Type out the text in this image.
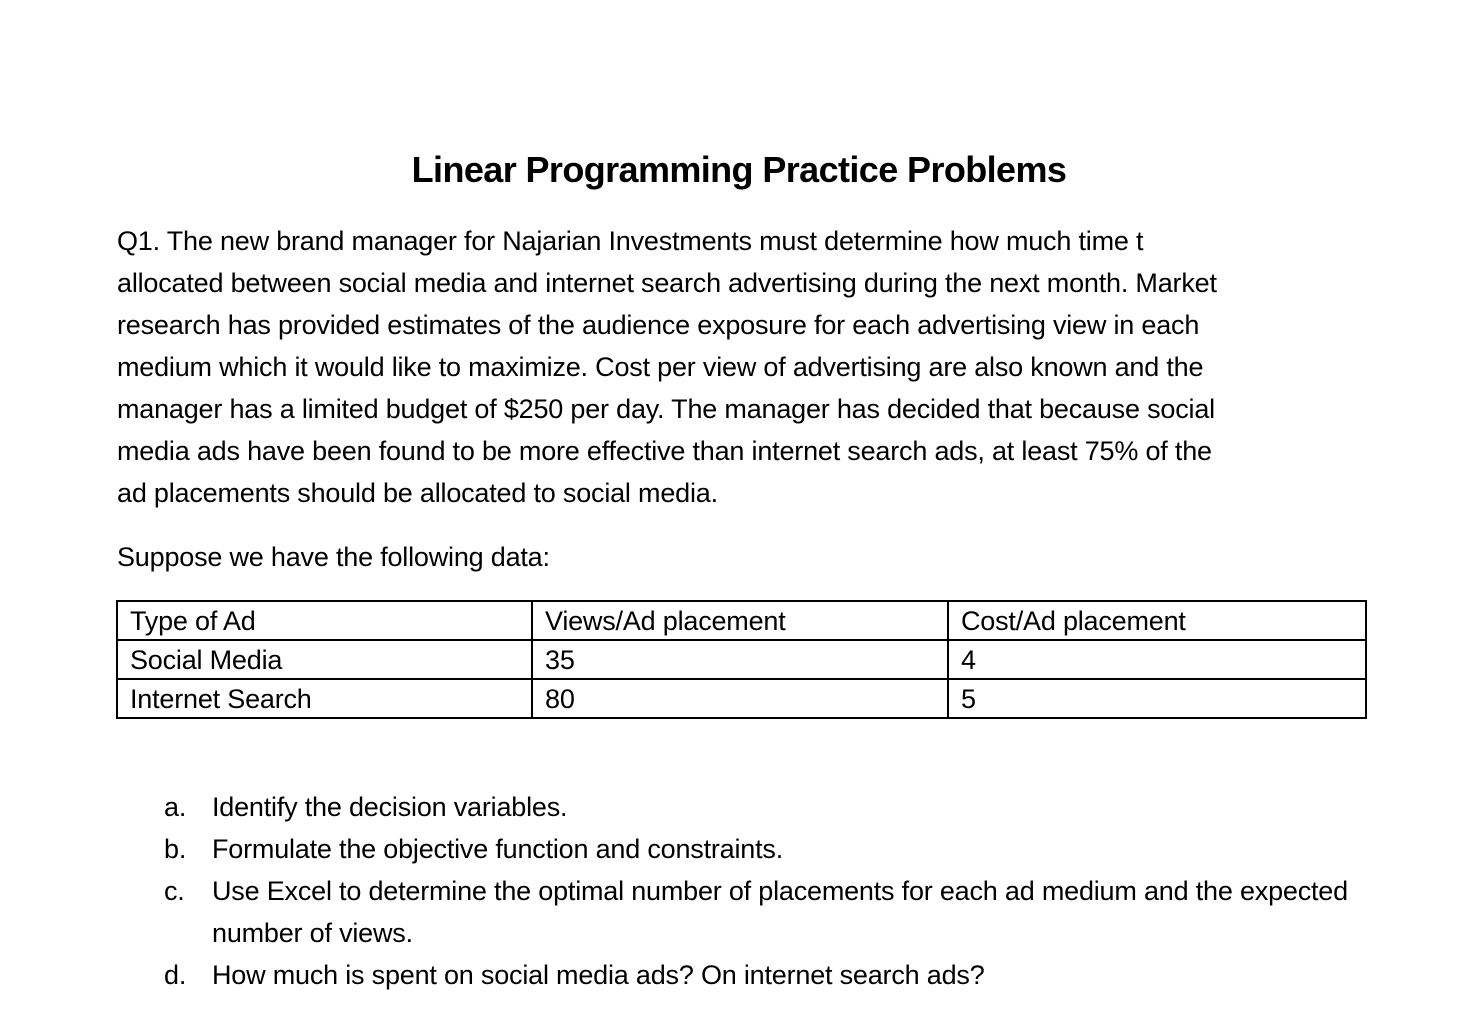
Linear Programming Practice Problems
Q1. The new brand manager for Najarian Investments must determine how much time t
allocated between social media and internet search advertising during the next month. Market
research has provided estimates of the audience exposure for each advertising view in each
medium which it would like to maximize. Cost per view of advertising are also known and the
manager has a limited budget of $250 per day. The manager has decided that because social
media ads have been found to be more effective than internet search ads, at least 75% of the
ad placements should be allocated to social media.
Suppose we have the following data:
Type of Ad	Views/Ad placement	Cost/Ad placement
Social Media	35	4
Internet Search	80	5
a. Identify the decision variables.
b. Formulate the objective function and constraints.
c. Use Excel to determine the optimal number of placements for each ad medium and the expected number of views.
d. How much is spent on social media ads? On internet search ads?
